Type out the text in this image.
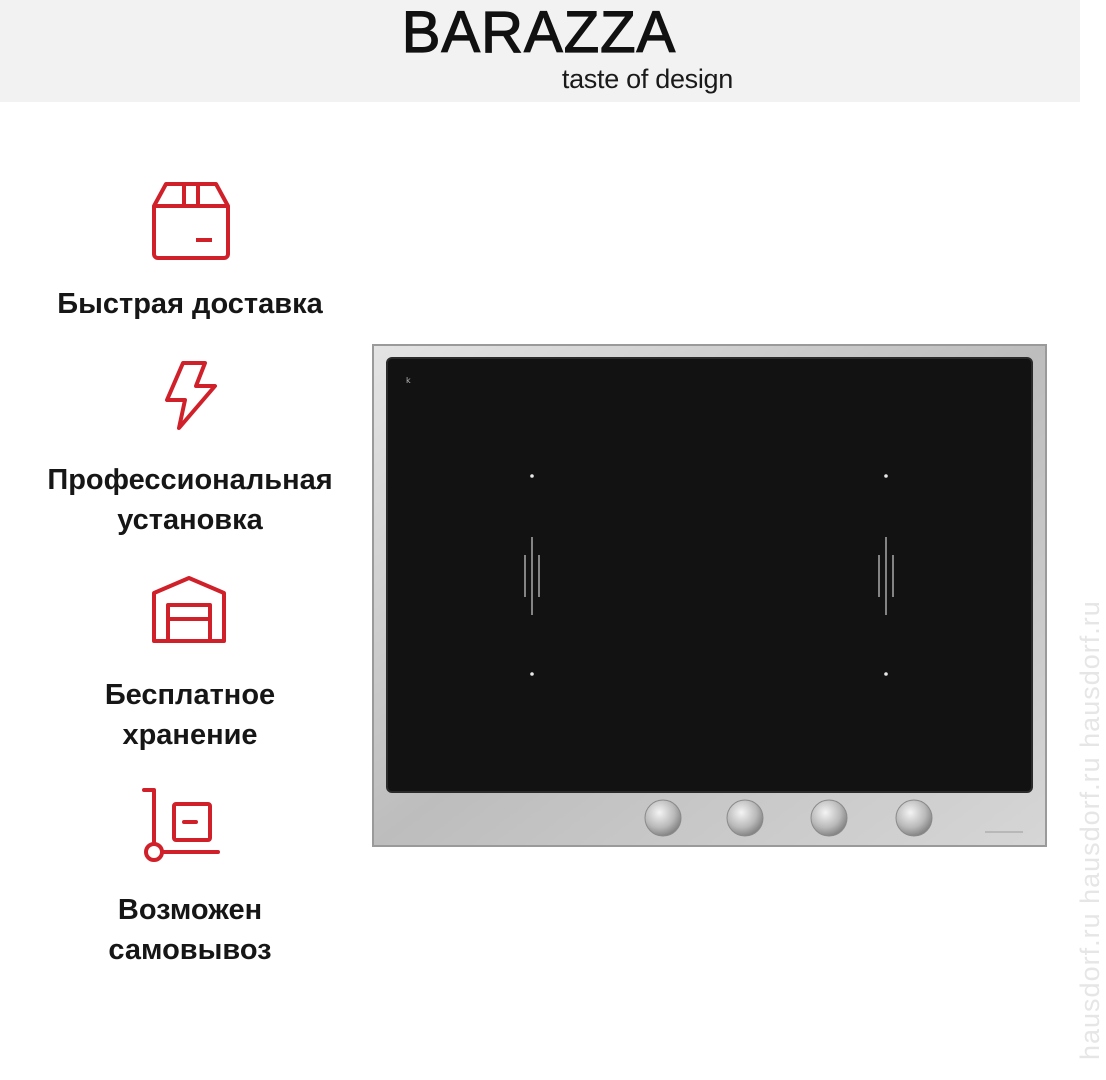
BARAZZA
taste of design
Быстрая доставка
Профессиональная
установка
Бесплатное
хранение
Возможен
самовывоз
k
hausdorf.ru hausdorf.ru hausdorf.ru
